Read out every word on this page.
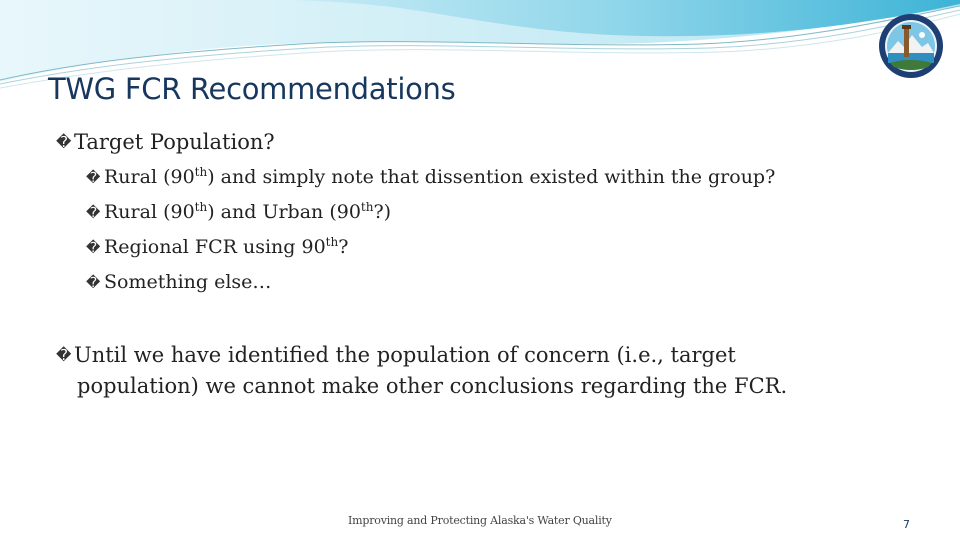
TWG FCR Recommendations
� Target Population?
� Rural (90th) and simply note that dissention existed within the group?
� Rural (90th) and Urban (90th?)
� Regional FCR using 90th?
� Something else…
� Until we have identified the population of concern (i.e., target
population) we cannot make other conclusions regarding the FCR.
Improving and Protecting Alaska's Water Quality	7
